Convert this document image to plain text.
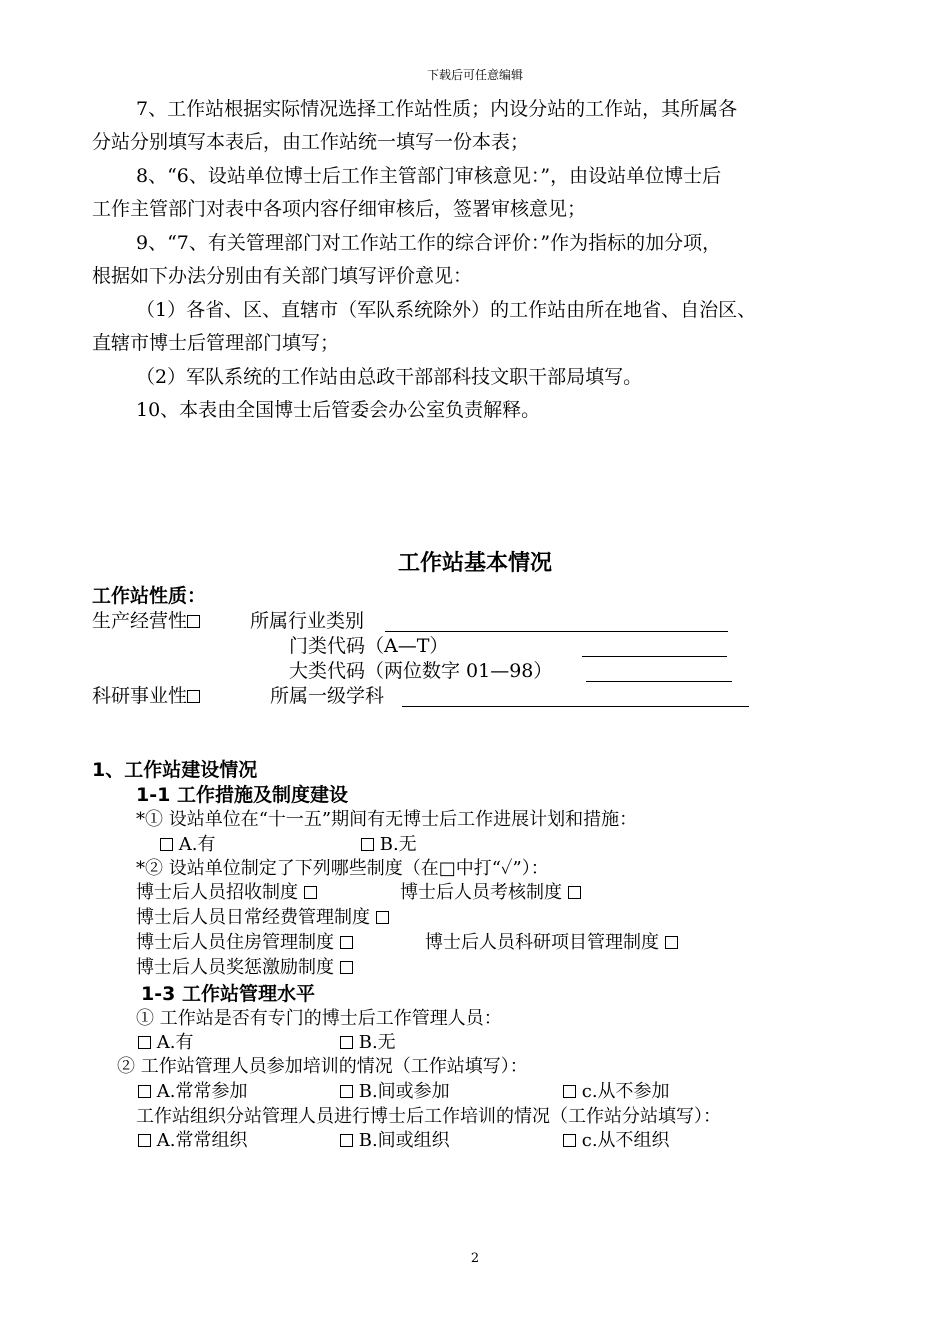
下载后可任意编辑
7、工作站根据实际情况选择工作站性质；内设分站的工作站，其所属各
分站分别填写本表后，由工作站统一填写一份本表；
8、“6、设站单位博士后工作主管部门审核意见：”，由设站单位博士后
工作主管部门对表中各项内容仔细审核后，签署审核意见；
9、“7、有关管理部门对工作站工作的综合评价：”作为指标的加分项，
根据如下办法分别由有关部门填写评价意见：
（1）各省、区、直辖市（军队系统除外）的工作站由所在地省、自治区、
直辖市博士后管理部门填写；
（2）军队系统的工作站由总政干部部科技文职干部局填写。
10、本表由全国博士后管委会办公室负责解释。
工作站基本情况
工作站性质：
生产经营性	所属行业类别
门类代码（A—T）
大类代码（两位数字 01—98）
科研事业性	所属一级学科
1、工作站建设情况
1-1 工作措施及制度建设
*① 设站单位在“十一五”期间有无博士后工作进展计划和措施：
A.有	B.无
*② 设站单位制定了下列哪些制度（在□中打“✓”）：
博士后人员招收制度	博士后人员考核制度
博士后人员日常经费管理制度
博士后人员住房管理制度	博士后人员科研项目管理制度
博士后人员奖惩激励制度
1-3 工作站管理水平
① 工作站是否有专门的博士后工作管理人员：
A.有	B.无
② 工作站管理人员参加培训的情况（工作站填写）：
A.常常参加	B.间或参加	c.从不参加
工作站组织分站管理人员进行博士后工作培训的情况（工作站分站填写）：
A.常常组织	B.间或组织	c.从不组织
2
